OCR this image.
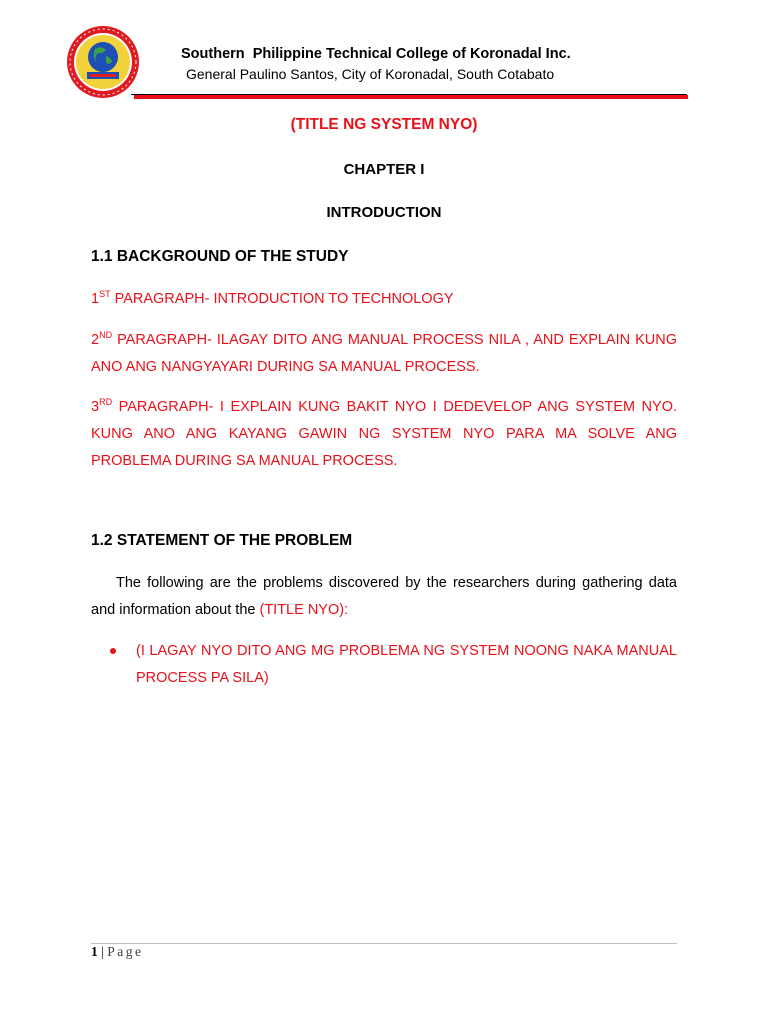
Southern  Philippine Technical College of Koronadal Inc.
General Paulino Santos, City of Koronadal, South Cotabato
(TITLE NG SYSTEM NYO)
CHAPTER I
INTRODUCTION
1.1 BACKGROUND OF THE STUDY
1ST PARAGRAPH- INTRODUCTION TO TECHNOLOGY
2ND PARAGRAPH- ILAGAY DITO ANG MANUAL PROCESS NILA , AND EXPLAIN KUNG ANO ANG NANGYAYARI DURING SA MANUAL PROCESS.
3RD PARAGRAPH- I EXPLAIN KUNG BAKIT NYO I DEDEVELOP ANG SYSTEM NYO. KUNG ANO ANG KAYANG GAWIN NG SYSTEM NYO PARA MA SOLVE ANG PROBLEMA DURING SA MANUAL PROCESS.
1.2 STATEMENT OF THE PROBLEM
The following are the problems discovered by the researchers during gathering data and information about the (TITLE NYO):
(I LAGAY NYO DITO ANG MG PROBLEMA NG SYSTEM NOONG NAKA MANUAL PROCESS PA SILA)
1 | Page
